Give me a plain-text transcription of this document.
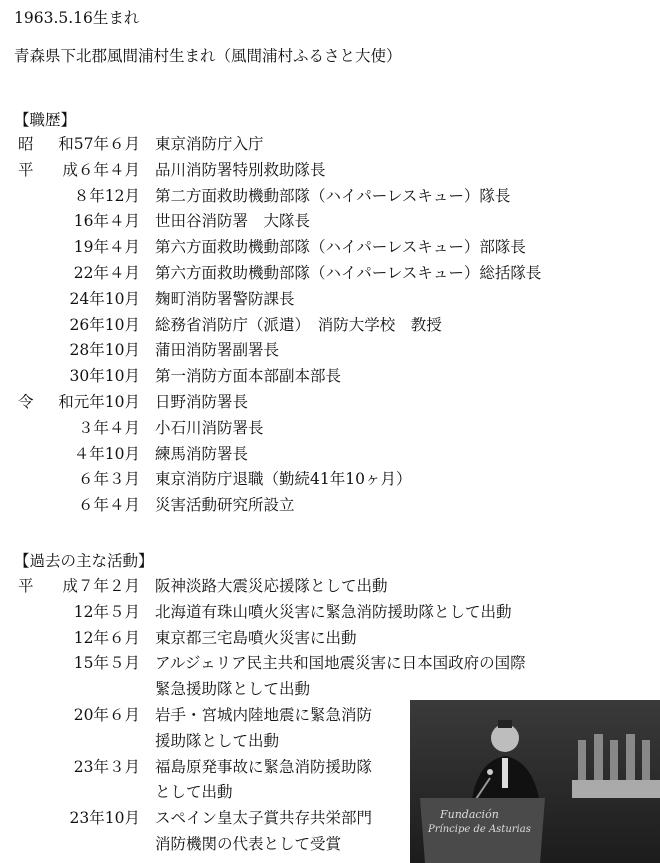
1963.5.16生まれ
青森県下北郡風間浦村生まれ（風間浦村ふるさと大使）
【職歴】
昭	和57年６月 東京消防庁入庁
平	成６年４月 品川消防署特別救助隊長
８年12月 第二方面救助機動部隊（ハイパーレスキュー）隊長
16年４月 世田谷消防署　大隊長
19年４月 第六方面救助機動部隊（ハイパーレスキュー）部隊長
22年４月 第六方面救助機動部隊（ハイパーレスキュー）総括隊長
24年10月 麹町消防署警防課長
26年10月 総務省消防庁（派遣）　消防大学校　教授
28年10月 蒲田消防署副署長
30年10月 第一消防方面本部副本部長
令	和元年10月 日野消防署長
３年４月 小石川消防署長
４年10月 練馬消防署長
６年３月 東京消防庁退職（勤続41年10ヶ月）
６年４月 災害活動研究所設立
【過去の主な活動】
平	成７年２月 阪神淡路大震災応援隊として出動
12年５月 北海道有珠山噴火災害に緊急消防援助隊として出動
12年６月 東京都三宅島噴火災害に出動
15年５月 アルジェリア民主共和国地震災害に日本国政府の国際
緊急援助隊として出動
20年６月 岩手・宮城内陸地震に緊急消防
援助隊として出動
23年３月 福島原発事故に緊急消防援助隊
として出動
23年10月 スペイン皇太子賞共存共栄部門
消防機関の代表として受賞
Fundación
Príncipe de Asturias
